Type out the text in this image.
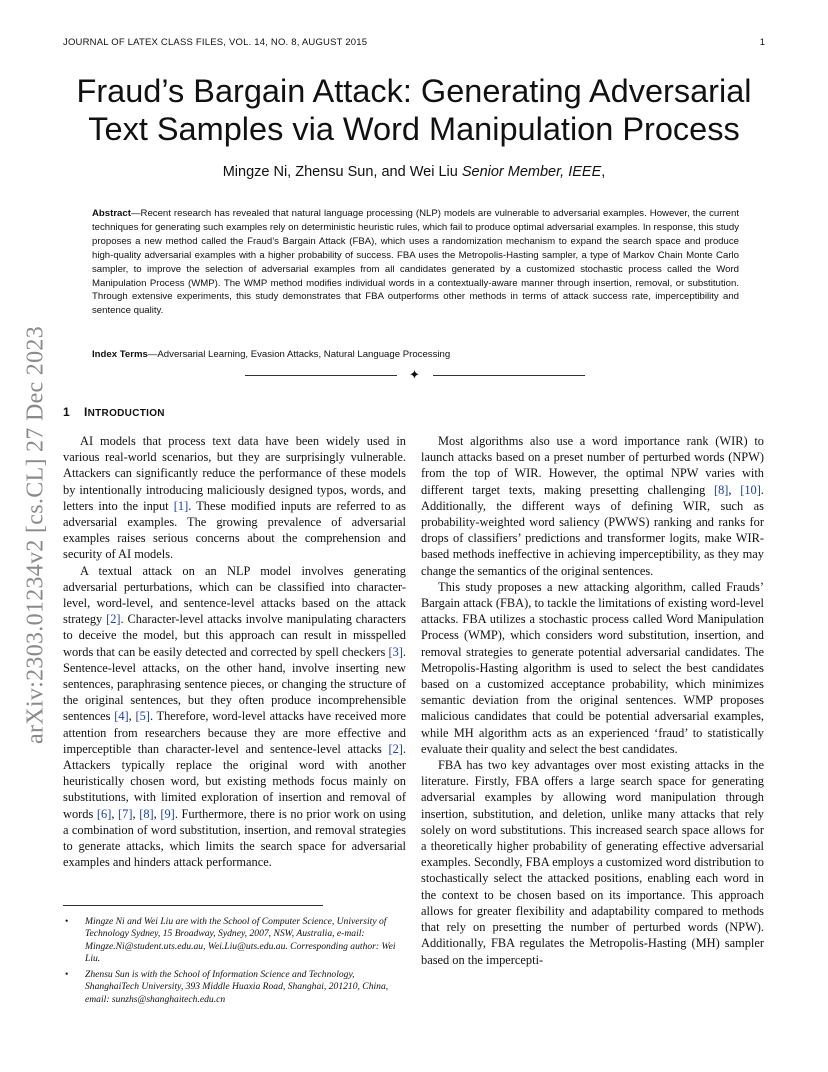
arXiv:2303.01234v2 [cs.CL] 27 Dec 2023
JOURNAL OF LATEX CLASS FILES, VOL. 14, NO. 8, AUGUST 2015	1
Fraud’s Bargain Attack: Generating Adversarial
Text Samples via Word Manipulation Process
Mingze Ni, Zhensu Sun, and Wei Liu Senior Member, IEEE,
Abstract—Recent research has revealed that natural language processing (NLP) models are vulnerable to adversarial examples. However, the current techniques for generating such examples rely on deterministic heuristic rules, which fail to produce optimal adversarial examples. In response, this study proposes a new method called the Fraud’s Bargain Attack (FBA), which uses a randomization mechanism to expand the search space and produce high-quality adversarial examples with a higher probability of success. FBA uses the Metropolis-Hasting sampler, a type of Markov Chain Monte Carlo sampler, to improve the selection of adversarial examples from all candidates generated by a customized stochastic process called the Word Manipulation Process (WMP). The WMP method modifies individual words in a contextually-aware manner through insertion, removal, or substitution. Through extensive experiments, this study demonstrates that FBA outperforms other methods in terms of attack success rate, imperceptibility and sentence quality.
Index Terms—Adversarial Learning, Evasion Attacks, Natural Language Processing
✦
1 INTRODUCTION

AI models that process text data have been widely used in various real-world scenarios, but they are surprisingly vulnerable. Attackers can significantly reduce the performance of these models by intentionally introducing maliciously designed typos, words, and letters into the input [1]. These modified inputs are referred to as adversarial examples. The growing prevalence of adversarial examples raises serious concerns about the comprehension and security of AI models.

A textual attack on an NLP model involves generating adversarial perturbations, which can be classified into character-level, word-level, and sentence-level attacks based on the attack strategy [2]. Character-level attacks involve manipulating characters to deceive the model, but this approach can result in misspelled words that can be easily detected and corrected by spell checkers [3]. Sentence-level attacks, on the other hand, involve inserting new sentences, paraphrasing sentence pieces, or changing the structure of the original sentences, but they often produce incomprehensible sentences [4], [5]. Therefore, word-level attacks have received more attention from researchers because they are more effective and imperceptible than character-level and sentence-level attacks [2]. Attackers typically replace the original word with another heuristically chosen word, but existing methods focus mainly on substitutions, with limited exploration of insertion and removal of words [6], [7], [8], [9]. Furthermore, there is no prior work on using a combination of word substitution, insertion, and removal strategies to generate attacks, which limits the search space for adversarial examples and hinders attack performance.

Most algorithms also use a word importance rank (WIR) to launch attacks based on a preset number of perturbed words (NPW) from the top of WIR. However, the optimal NPW varies with different target texts, making presetting challenging [8], [10]. Additionally, the different ways of defining WIR, such as probability-weighted word saliency (PWWS) ranking and ranks for drops of classifiers’ predictions and transformer logits, make WIR-based methods ineffective in achieving imperceptibility, as they may change the semantics of the original sentences.

This study proposes a new attacking algorithm, called Frauds’ Bargain attack (FBA), to tackle the limitations of existing word-level attacks. FBA utilizes a stochastic process called Word Manipulation Process (WMP), which considers word substitution, insertion, and removal strategies to generate potential adversarial candidates. The Metropolis-Hasting algorithm is used to select the best candidates based on a customized acceptance probability, which minimizes semantic deviation from the original sentences. WMP proposes malicious candidates that could be potential adversarial examples, while MH algorithm acts as an experienced ‘fraud’ to statistically evaluate their quality and select the best candidates.

FBA has two key advantages over most existing attacks in the literature. Firstly, FBA offers a large search space for generating adversarial examples by allowing word manipulation through insertion, substitution, and deletion, unlike many attacks that rely solely on word substitutions. This increased search space allows for a theoretically higher probability of generating effective adversarial examples. Secondly, FBA employs a customized word distribution to stochastically select the attacked positions, enabling each word in the context to be chosen based on its importance. This approach allows for greater flexibility and adaptability compared to methods that rely on presetting the number of perturbed words (NPW). Additionally, FBA regulates the Metropolis-Hasting (MH) sampler based on the impercepti-

• Mingze Ni and Wei Liu are with the School of Computer Science, University of Technology Sydney, 15 Broadway, Sydney, 2007, NSW, Australia, e-mail: Mingze.Ni@student.uts.edu.au, Wei.Liu@uts.edu.au. Corresponding author: Wei Liu.
• Zhensu Sun is with the School of Information Science and Technology, ShanghaiTech University, 393 Middle Huaxia Road, Shanghai, 201210, China, email: sunzhs@shanghaitech.edu.cn
